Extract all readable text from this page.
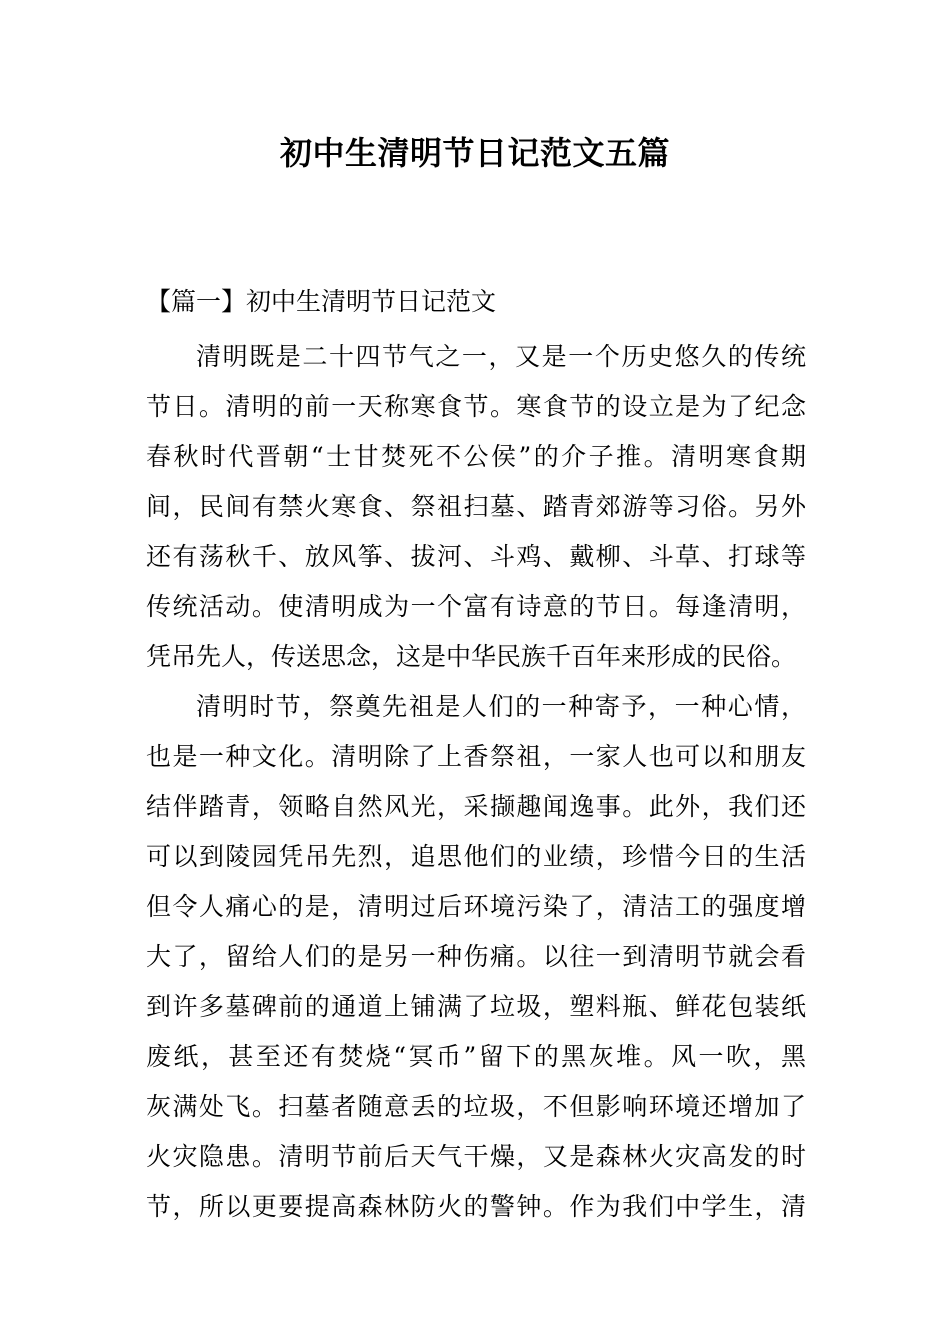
初中生清明节日记范文五篇

【篇一】初中生清明节日记范文

清明既是二十四节气之一，又是一个历史悠久的传统

节日。清明的前一天称寒食节。寒食节的设立是为了纪念

春秋时代晋朝“士甘焚死不公侯”的介子推。清明寒食期

间，民间有禁火寒食、祭祖扫墓、踏青郊游等习俗。另外

还有荡秋千、放风筝、拔河、斗鸡、戴柳、斗草、打球等

传统活动。使清明成为一个富有诗意的节日。每逢清明，

凭吊先人，传送思念，这是中华民族千百年来形成的民俗。

清明时节，祭奠先祖是人们的一种寄予，一种心情，

也是一种文化。清明除了上香祭祖，一家人也可以和朋友

结伴踏青，领略自然风光，采撷趣闻逸事。此外，我们还

可以到陵园凭吊先烈，追思他们的业绩，珍惜今日的生活

但令人痛心的是，清明过后环境污染了，清洁工的强度增

大了，留给人们的是另一种伤痛。以往一到清明节就会看

到许多墓碑前的通道上铺满了垃圾，塑料瓶、鲜花包装纸

废纸，甚至还有焚烧“冥币”留下的黑灰堆。风一吹，黑

灰满处飞。扫墓者随意丢的垃圾，不但影响环境还增加了

火灾隐患。清明节前后天气干燥，又是森林火灾高发的时

节，所以更要提高森林防火的警钟。作为我们中学生，清
